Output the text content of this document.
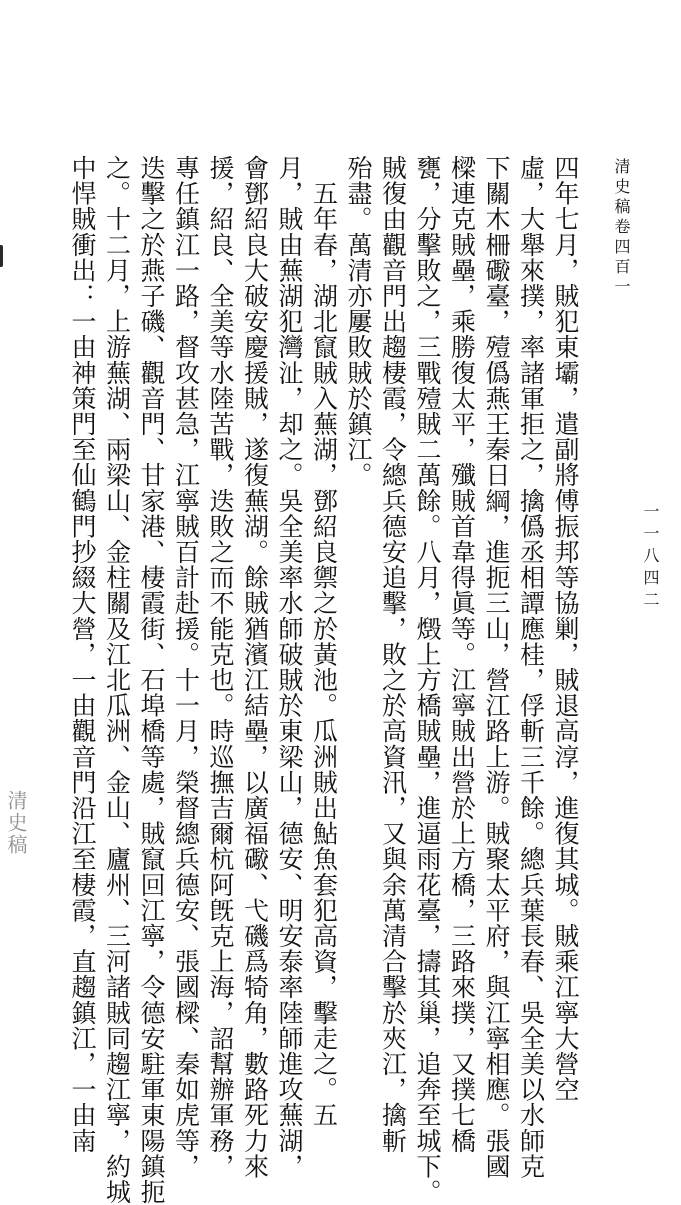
清史稿
清史稿卷四百一
一一八四二
四年七月，賊犯東壩，遣副將傅振邦等協剿，賊退高淳，進復其城。賊乘江寧大營空
虛，大舉來撲，率諸軍拒之，擒僞丞相譚應桂，俘斬三千餘。總兵葉長春、吳全美以水師克
下關木柵礮臺，殪僞燕王秦日綱，進扼三山，營江路上游。賊聚太平府，與江寧相應。張國
樑連克賊壘，乘勝復太平，殲賊首韋得眞等。江寧賊出營於上方橋，三路來撲，又撲七橋
甕，分擊敗之，三戰殪賊二萬餘。八月，燬上方橋賊壘，進逼雨花臺，擣其巢，追奔至城下。
賊復由觀音門出趨棲霞，令總兵德安追擊，敗之於高資汛，又與余萬清合擊於夾江，擒斬
殆盡。萬清亦屢敗賊於鎮江。
　五年春，湖北竄賊入蕪湖，鄧紹良禦之於黃池。瓜洲賊出鮎魚套犯高資，擊走之。五
月，賊由蕪湖犯灣沚，却之。吳全美率水師破賊於東梁山，德安、明安泰率陸師進攻蕪湖，
會鄧紹良大破安慶援賊，遂復蕪湖。餘賊猶濱江結壘，以廣福礮、弋磯爲犄角，數路死力來
援，紹良、全美等水陸苦戰，迭敗之而不能克也。時巡撫吉爾杭阿旣克上海，詔幫辦軍務，
專任鎮江一路，督攻甚急，江寧賊百計赴援。十一月，榮督總兵德安、張國樑、秦如虎等，
迭擊之於燕子磯、觀音門、甘家港、棲霞街、石埠橋等處，賊竄回江寧，令德安駐軍東陽鎮扼
之。十二月，上游蕪湖、兩梁山、金柱關及江北瓜洲、金山、廬州、三河諸賊同趨江寧，約城
中悍賊衝出：一由神策門至仙鶴門抄綴大營，一由觀音門沿江至棲霞，直趨鎮江，一由南
